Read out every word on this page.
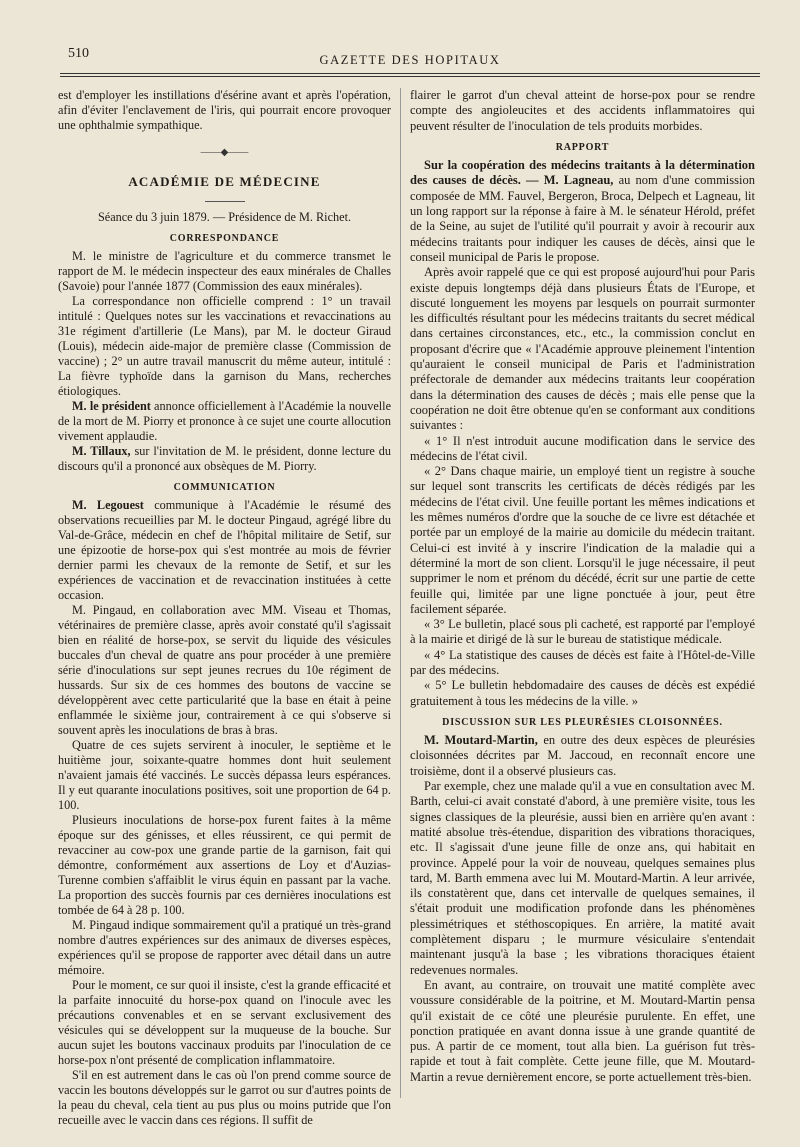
510	GAZETTE DES HOPITAUX

est d'employer les instillations d'ésérine avant et après l'opération, afin d'éviter l'enclavement de l'iris, qui pourrait encore provoquer une ophthalmie sympathique.

——◆——
ACADÉMIE DE MÉDECINE
Séance du 3 juin 1879. — Présidence de M. Richet.
CORRESPONDANCE

M. le ministre de l'agriculture et du commerce transmet le rapport de M. le médecin inspecteur des eaux minérales de Challes (Savoie) pour l'année 1877 (Commission des eaux minérales).

La correspondance non officielle comprend : 1° un travail intitulé : Quelques notes sur les vaccinations et revaccinations au 31e régiment d'artillerie (Le Mans), par M. le docteur Giraud (Louis), médecin aide-major de première classe (Commission de vaccine) ; 2° un autre travail manuscrit du même auteur, intitulé : La fièvre typhoïde dans la garnison du Mans, recherches étiologiques.

M. le président annonce officiellement à l'Académie la nouvelle de la mort de M. Piorry et prononce à ce sujet une courte allocution vivement applaudie.

M. Tillaux, sur l'invitation de M. le président, donne lecture du discours qu'il a prononcé aux obsèques de M. Piorry.

COMMUNICATION

M. Legouest communique à l'Académie le résumé des observations recueillies par M. le docteur Pingaud, agrégé libre du Val-de-Grâce, médecin en chef de l'hôpital militaire de Setif, sur une épizootie de horse-pox qui s'est montrée au mois de février dernier parmi les chevaux de la remonte de Setif, et sur les expériences de vaccination et de revaccination instituées à cette occasion.

M. Pingaud, en collaboration avec MM. Viseau et Thomas, vétérinaires de première classe, après avoir constaté qu'il s'agissait bien en réalité de horse-pox, se servit du liquide des vésicules buccales d'un cheval de quatre ans pour procéder à une première série d'inoculations sur sept jeunes recrues du 10e régiment de hussards. Sur six de ces hommes des boutons de vaccine se développèrent avec cette particularité que la base en était à peine enflammée le sixième jour, contrairement à ce qui s'observe si souvent après les inoculations de bras à bras.

Quatre de ces sujets servirent à inoculer, le septième et le huitième jour, soixante-quatre hommes dont huit seulement n'avaient jamais été vaccinés. Le succès dépassa leurs espérances. Il y eut quarante inoculations positives, soit une proportion de 64 p. 100.

Plusieurs inoculations de horse-pox furent faites à la même époque sur des génisses, et elles réussirent, ce qui permit de revacciner au cow-pox une grande partie de la garnison, fait qui démontre, conformément aux assertions de Loy et d'Auzias-Turenne combien s'affaiblit le virus équin en passant par la vache. La proportion des succès fournis par ces dernières inoculations est tombée de 64 à 28 p. 100.

M. Pingaud indique sommairement qu'il a pratiqué un très-grand nombre d'autres expériences sur des animaux de diverses espèces, expériences qu'il se propose de rapporter avec détail dans un autre mémoire.

Pour le moment, ce sur quoi il insiste, c'est la grande efficacité et la parfaite innocuité du horse-pox quand on l'inocule avec les précautions convenables et en se servant exclusivement des vésicules qui se développent sur la muqueuse de la bouche. Sur aucun sujet les boutons vaccinaux produits par l'inoculation de ce horse-pox n'ont présenté de complication inflammatoire.

S'il en est autrement dans le cas où l'on prend comme source de vaccin les boutons développés sur le garrot ou sur d'autres points de la peau du cheval, cela tient au pus plus ou moins putride que l'on recueille avec le vaccin dans ces régions. Il suffit de

flairer le garrot d'un cheval atteint de horse-pox pour se rendre compte des angioleucites et des accidents inflammatoires qui peuvent résulter de l'inoculation de tels produits morbides.

RAPPORT

Sur la coopération des médecins traitants à la détermination des causes de décès. — M. Lagneau, au nom d'une commission composée de MM. Fauvel, Bergeron, Broca, Delpech et Lagneau, lit un long rapport sur la réponse à faire à M. le sénateur Hérold, préfet de la Seine, au sujet de l'utilité qu'il pourrait y avoir à recourir aux médecins traitants pour indiquer les causes de décès, ainsi que le conseil municipal de Paris le propose.

Après avoir rappelé que ce qui est proposé aujourd'hui pour Paris existe depuis longtemps déjà dans plusieurs États de l'Europe, et discuté longuement les moyens par lesquels on pourrait surmonter les difficultés résultant pour les médecins traitants du secret médical dans certaines circonstances, etc., etc., la commission conclut en proposant d'écrire que « l'Académie approuve pleinement l'intention qu'auraient le conseil municipal de Paris et l'administration préfectorale de demander aux médecins traitants leur coopération dans la détermination des causes de décès ; mais elle pense que la coopération ne doit être obtenue qu'en se conformant aux conditions suivantes :

« 1° Il n'est introduit aucune modification dans le service des médecins de l'état civil.

« 2° Dans chaque mairie, un employé tient un registre à souche sur lequel sont transcrits les certificats de décès rédigés par les médecins de l'état civil. Une feuille portant les mêmes indications et les mêmes numéros d'ordre que la souche de ce livre est détachée et portée par un employé de la mairie au domicile du médecin traitant. Celui-ci est invité à y inscrire l'indication de la maladie qui a déterminé la mort de son client. Lorsqu'il le juge nécessaire, il peut supprimer le nom et prénom du décédé, écrit sur une partie de cette feuille qui, limitée par une ligne ponctuée à jour, peut être facilement séparée.

« 3° Le bulletin, placé sous pli cacheté, est rapporté par l'employé à la mairie et dirigé de là sur le bureau de statistique médicale.

« 4° La statistique des causes de décès est faite à l'Hôtel-de-Ville par des médecins.

« 5° Le bulletin hebdomadaire des causes de décès est expédié gratuitement à tous les médecins de la ville. »

DISCUSSION SUR LES PLEURÉSIES CLOISONNÉES.

M. Moutard-Martin, en outre des deux espèces de pleurésies cloisonnées décrites par M. Jaccoud, en reconnaît encore une troisième, dont il a observé plusieurs cas.

Par exemple, chez une malade qu'il a vue en consultation avec M. Barth, celui-ci avait constaté d'abord, à une première visite, tous les signes classiques de la pleurésie, aussi bien en arrière qu'en avant : matité absolue très-étendue, disparition des vibrations thoraciques, etc. Il s'agissait d'une jeune fille de onze ans, qui habitait en province. Appelé pour la voir de nouveau, quelques semaines plus tard, M. Barth emmena avec lui M. Moutard-Martin. A leur arrivée, ils constatèrent que, dans cet intervalle de quelques semaines, il s'était produit une modification profonde dans les phénomènes plessimétriques et stéthoscopiques. En arrière, la matité avait complètement disparu ; le murmure vésiculaire s'entendait maintenant jusqu'à la base ; les vibrations thoraciques étaient redevenues normales.

En avant, au contraire, on trouvait une matité complète avec voussure considérable de la poitrine, et M. Moutard-Martin pensa qu'il existait de ce côté une pleurésie purulente. En effet, une ponction pratiquée en avant donna issue à une grande quantité de pus. A partir de ce moment, tout alla bien. La guérison fut très-rapide et tout à fait complète. Cette jeune fille, que M. Moutard-Martin a revue dernièrement encore, se porte actuellement très-bien.
